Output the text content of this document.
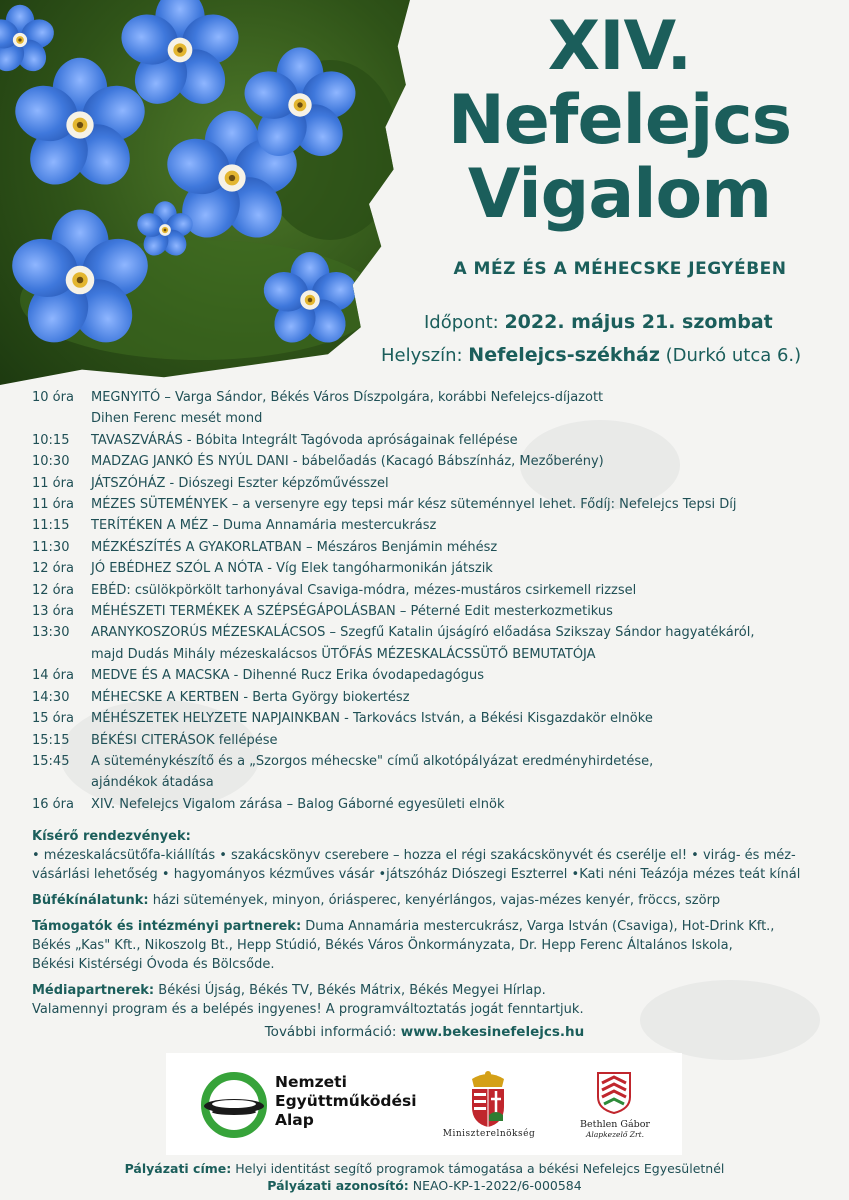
XIV.
Nefelejcs
Vigalom
A MÉZ ÉS A MÉHECSKE JEGYÉBEN
Időpont: 2022. május 21. szombat
Helyszín: Nefelejcs-székház (Durkó utca 6.)
10 óra	MEGNYITÓ – Varga Sándor, Békés Város Díszpolgára, korábbi Nefelejcs-díjazott
Dihen Ferenc mesét mond
10:15	TAVASZVÁRÁS - Bóbita Integrált Tagóvoda apróságainak fellépése
10:30	MADZAG JANKÓ ÉS NYÚL DANI - bábelőadás (Kacagó Bábszínház, Mezőberény)
11 óra	JÁTSZÓHÁZ - Diószegi Eszter képzőművésszel
11 óra	MÉZES SÜTEMÉNYEK – a versenyre egy tepsi már kész süteménnyel lehet. Fődíj: Nefelejcs Tepsi Díj
11:15	TERÍTÉKEN A MÉZ – Duma Annamária mestercukrász
11:30	MÉZKÉSZÍTÉS A GYAKORLATBAN – Mészáros Benjámin méhész
12 óra	JÓ EBÉDHEZ SZÓL A NÓTA - Víg Elek tangóharmonikán játszik
12 óra	EBÉD: csülökpörkölt tarhonyával Csaviga-módra, mézes-mustáros csirkemell rizzsel
13 óra	MÉHÉSZETI TERMÉKEK A SZÉPSÉGÁPOLÁSBAN – Péterné Edit mesterkozmetikus
13:30	ARANYKOSZORÚS MÉZESKALÁCSOS – Szegfű Katalin újságíró előadása Szikszay Sándor hagyatékáról,
majd Dudás Mihály mézeskalácsos ÜTŐFÁS MÉZESKALÁCSSÜTŐ BEMUTATÓJA
14 óra	MEDVE ÉS A MACSKA - Dihenné Rucz Erika óvodapedagógus
14:30	MÉHECSKE A KERTBEN - Berta György biokertész
15 óra	MÉHÉSZETEK HELYZETE NAPJAINKBAN - Tarkovács István, a Békési Kisgazdakör elnöke
15:15	BÉKÉSI CITERÁSOK fellépése
15:45	A süteménykészítő és a „Szorgos méhecske" című alkotópályázat eredményhirdetése,
ajándékok átadása
16 óra	XIV. Nefelejcs Vigalom zárása – Balog Gáborné egyesületi elnök
Kísérő rendezvények:
• mézeskalácsütőfa-kiállítás • szakácskönyv cserebere – hozza el régi szakácskönyvét és cserélje el! • virág- és méz-
vásárlási lehetőség • hagyományos kézműves vásár •játszóház Diószegi Eszterrel •Kati néni Teázója mézes teát kínál
Büfékínálatunk: házi sütemények, minyon, óriásperec, kenyérlángos, vajas-mézes kenyér, fröccs, szörp
Támogatók és intézményi partnerek: Duma Annamária mestercukrász, Varga István (Csaviga), Hot-Drink Kft.,
Békés „Kas" Kft., Nikoszolg Bt., Hepp Stúdió, Békés Város Önkormányzata, Dr. Hepp Ferenc Általános Iskola,
Békési Kistérségi Óvoda és Bölcsőde.
Médiapartnerek: Békési Újság, Békés TV, Békés Mátrix, Békés Megyei Hírlap.
Valamennyi program és a belépés ingyenes! A programváltoztatás jogát fenntartjuk.
További információ: www.bekesinefelejcs.hu
Nemzeti
Együttműködési
Alap
Miniszterelnökség
Bethlen Gábor
Alapkezelő Zrt.
Pályázati címe: Helyi identitást segítő programok támogatása a békési Nefelejcs Egyesületnél
Pályázati azonosító: NEAO-KP-1-2022/6-000584
